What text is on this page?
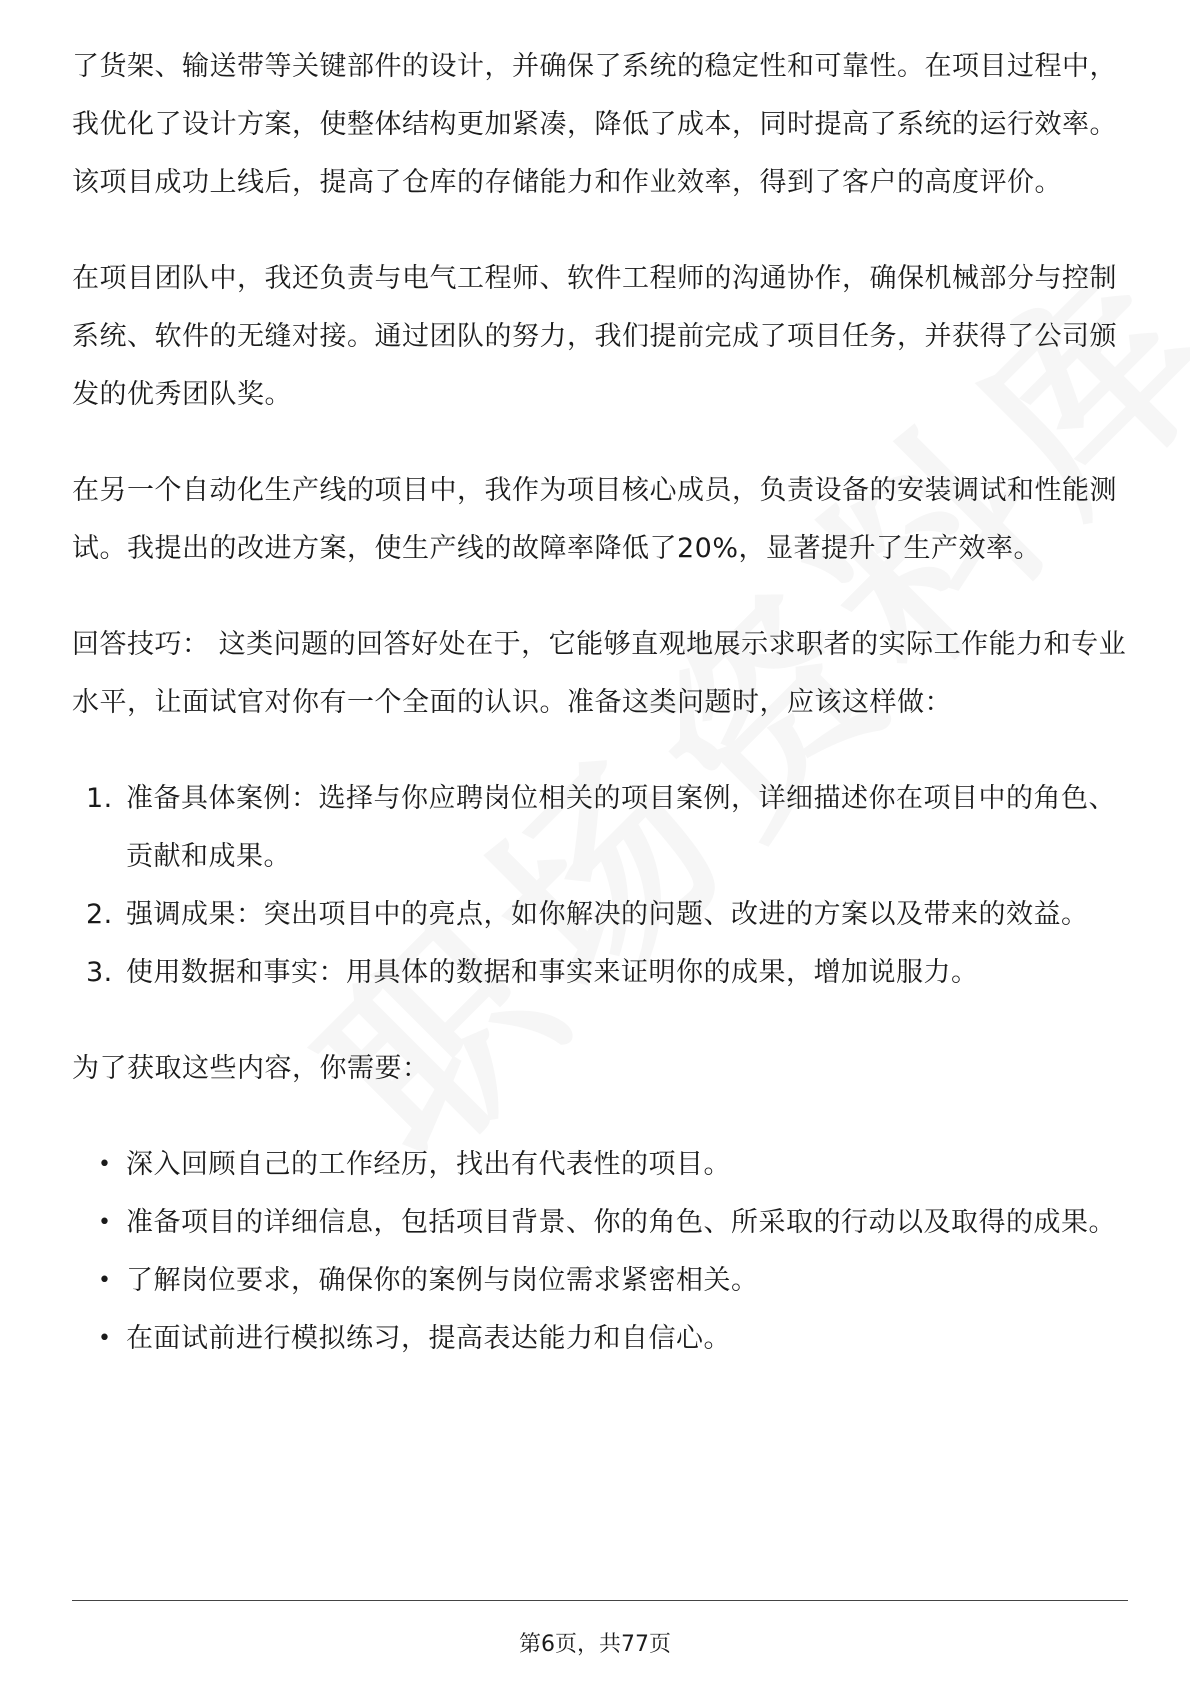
了货架、输送带等关键部件的设计，并确保了系统的稳定性和可靠性。在项目过程中，我优化了设计方案，使整体结构更加紧凑，降低了成本，同时提高了系统的运行效率。该项目成功上线后，提高了仓库的存储能力和作业效率，得到了客户的高度评价。

在项目团队中，我还负责与电气工程师、软件工程师的沟通协作，确保机械部分与控制系统、软件的无缝对接。通过团队的努力，我们提前完成了项目任务，并获得了公司颁发的优秀团队奖。

在另一个自动化生产线的项目中，我作为项目核心成员，负责设备的安装调试和性能测试。我提出的改进方案，使生产线的故障率降低了20%，显著提升了生产效率。

回答技巧： 这类问题的回答好处在于，它能够直观地展示求职者的实际工作能力和专业水平，让面试官对你有一个全面的认识。准备这类问题时，应该这样做：

1. 准备具体案例：选择与你应聘岗位相关的项目案例，详细描述你在项目中的角色、贡献和成果。
2. 强调成果：突出项目中的亮点，如你解决的问题、改进的方案以及带来的效益。
3. 使用数据和事实：用具体的数据和事实来证明你的成果，增加说服力。

为了获取这些内容，你需要：

• 深入回顾自己的工作经历，找出有代表性的项目。
• 准备项目的详细信息，包括项目背景、你的角色、所采取的行动以及取得的成果。
• 了解岗位要求，确保你的案例与岗位需求紧密相关。
• 在面试前进行模拟练习，提高表达能力和自信心。
第6页，共77页
